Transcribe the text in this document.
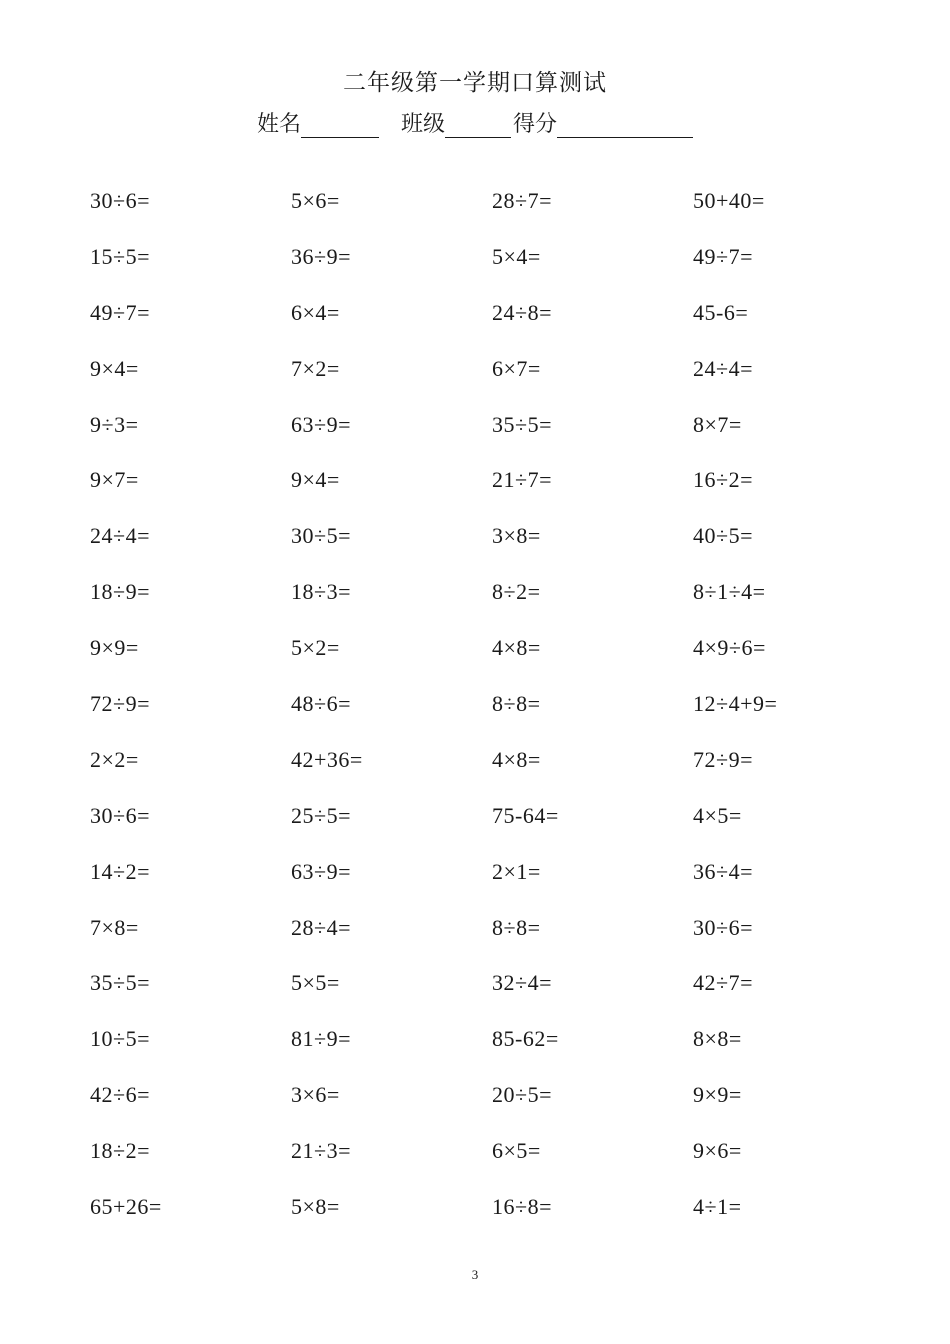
二年级第一学期口算测试
姓名	班级	得分
30÷6=	5×6=	28÷7=	50+40=
15÷5=	36÷9=	5×4=	49÷7=
49÷7=	6×4=	24÷8=	45-6=
9×4=	7×2=	6×7=	24÷4=
9÷3=	63÷9=	35÷5=	8×7=
9×7=	9×4=	21÷7=	16÷2=
24÷4=	30÷5=	3×8=	40÷5=
18÷9=	18÷3=	8÷2=	8÷1÷4=
9×9=	5×2=	4×8=	4×9÷6=
72÷9=	48÷6=	8÷8=	12÷4+9=
2×2=	42+36=	4×8=	72÷9=
30÷6=	25÷5=	75-64=	4×5=
14÷2=	63÷9=	2×1=	36÷4=
7×8=	28÷4=	8÷8=	30÷6=
35÷5=	5×5=	32÷4=	42÷7=
10÷5=	81÷9=	85-62=	8×8=
42÷6=	3×6=	20÷5=	9×9=
18÷2=	21÷3=	6×5=	9×6=
65+26=	5×8=	16÷8=	4÷1=
3
